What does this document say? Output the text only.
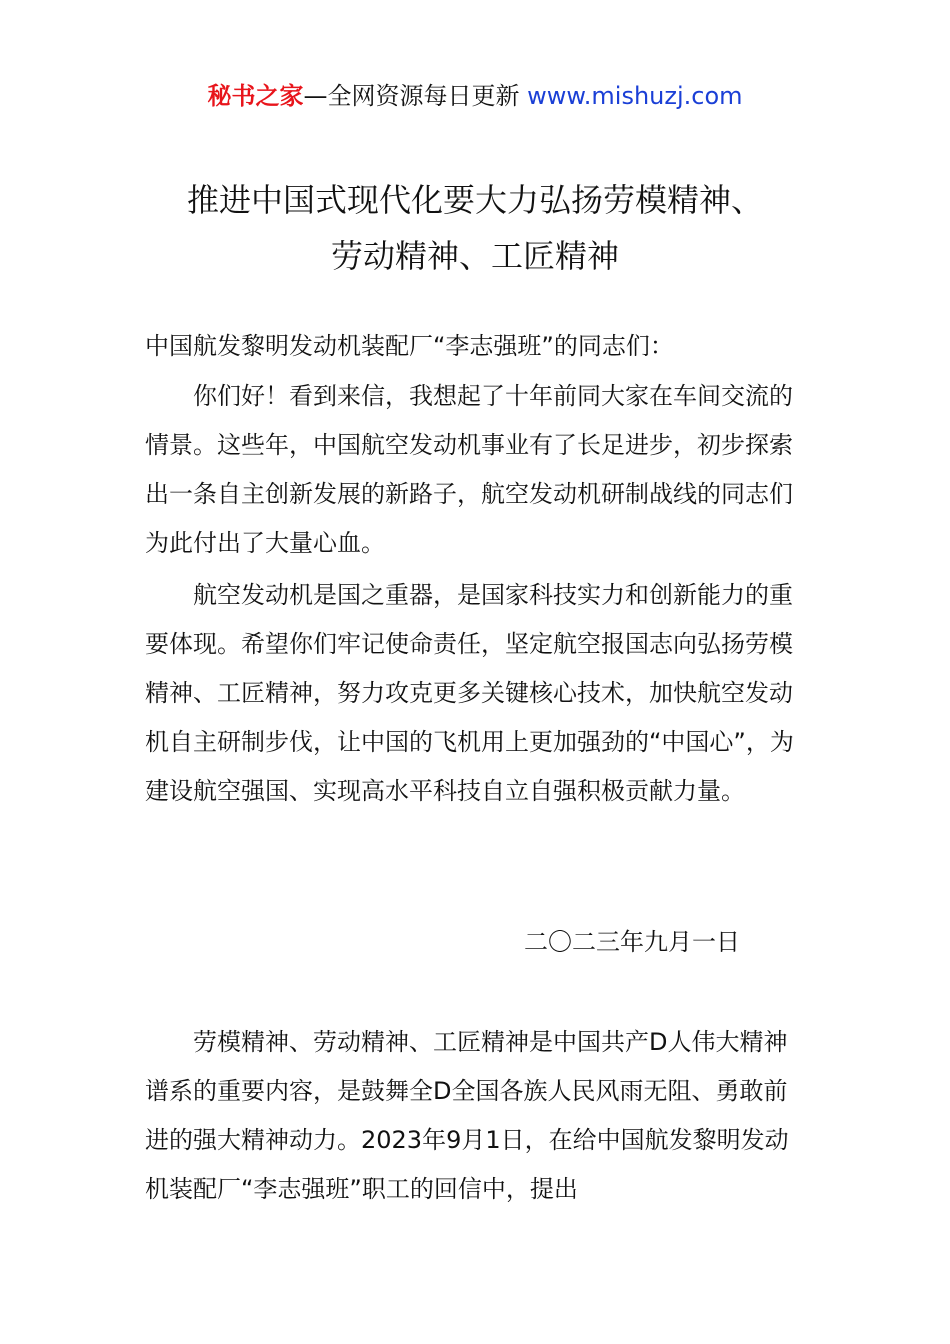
秘书之家—全网资源每日更新 www.mishuzj.com
推进中国式现代化要大力弘扬劳模精神、
劳动精神、工匠精神
中国航发黎明发动机装配厂“李志强班”的同志们：

你们好！看到来信，我想起了十年前同大家在车间交流的情景。这些年，中国航空发动机事业有了长足进步，初步探索出一条自主创新发展的新路子，航空发动机研制战线的同志们为此付出了大量心血。

航空发动机是国之重器，是国家科技实力和创新能力的重要体现。希望你们牢记使命责任，坚定航空报国志向弘扬劳模精神、工匠精神，努力攻克更多关键核心技术，加快航空发动机自主研制步伐，让中国的飞机用上更加强劲的“中国心”，为建设航空强国、实现高水平科技自立自强积极贡献力量。

二〇二三年九月一日

劳模精神、劳动精神、工匠精神是中国共产D人伟大精神谱系的重要内容，是鼓舞全D全国各族人民风雨无阻、勇敢前进的强大精神动力。2023年9月1日，在给中国航发黎明发动机装配厂“李志强班”职工的回信中，提出
